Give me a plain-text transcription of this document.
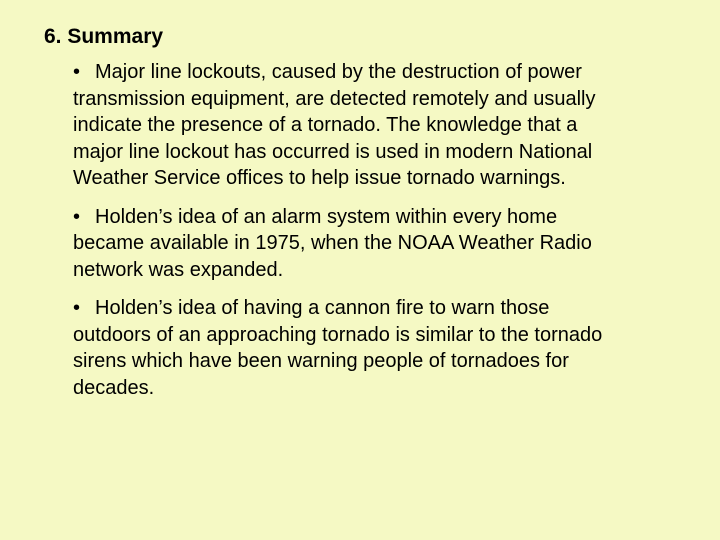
6. Summary
• Major line lockouts, caused by the destruction of power
transmission equipment, are detected remotely and usually
indicate the presence of a tornado. The knowledge that a
major line lockout has occurred is used in modern National
Weather Service offices to help issue tornado warnings.
• Holden’s idea of an alarm system within every home
became available in 1975, when the NOAA Weather Radio
network was expanded.
• Holden’s idea of having a cannon fire to warn those
outdoors of an approaching tornado is similar to the tornado
sirens which have been warning people of tornadoes for
decades.
